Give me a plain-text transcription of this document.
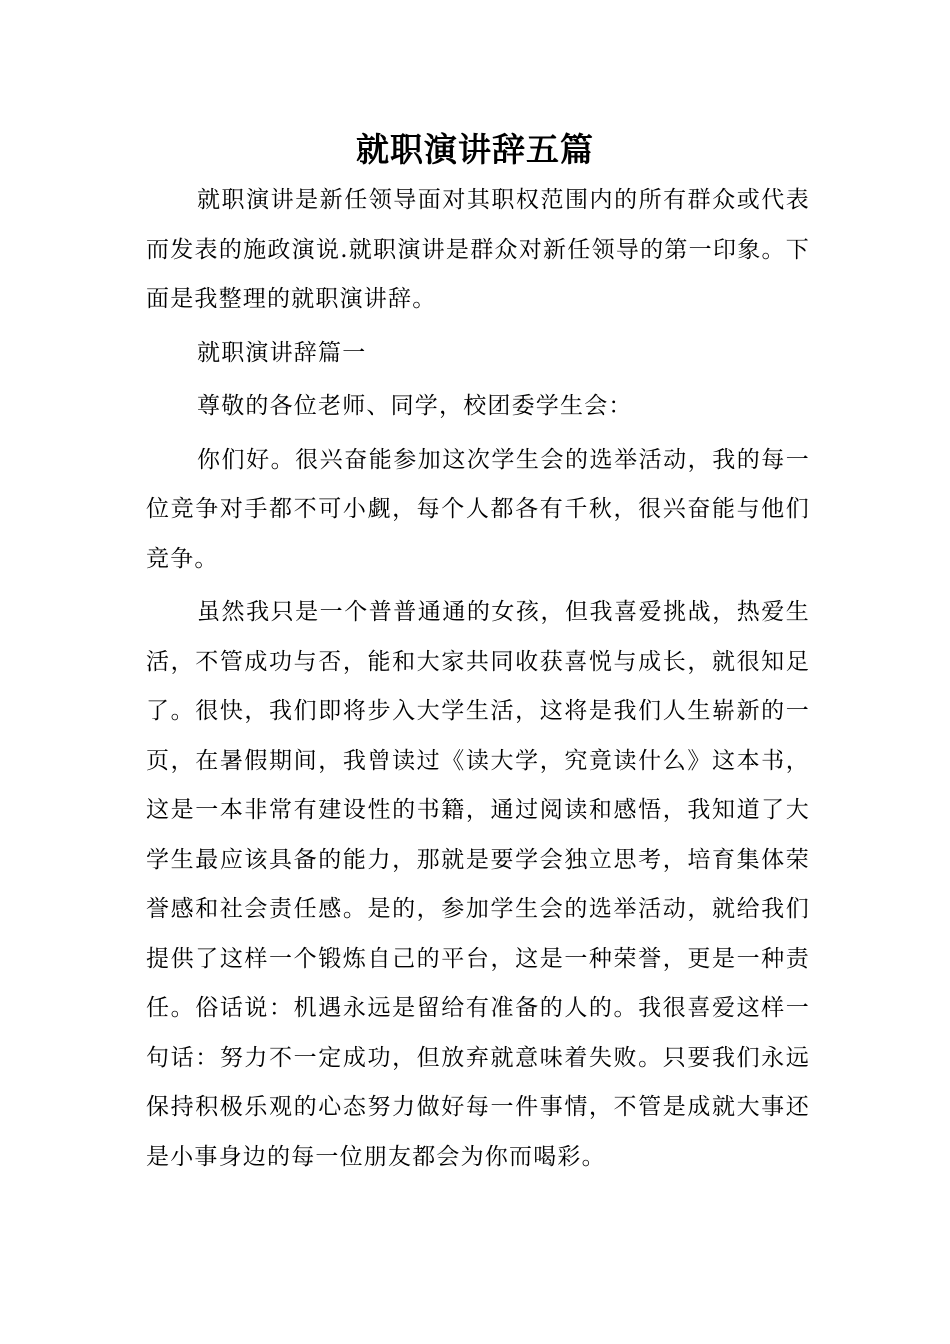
就职演讲辞五篇

就职演讲是新任领导面对其职权范围内的所有群众或代表而发表的施政演说.就职演讲是群众对新任领导的第一印象。下面是我整理的就职演讲辞。

就职演讲辞篇一

尊敬的各位老师、同学，校团委学生会：

你们好。很兴奋能参加这次学生会的选举活动，我的每一位竞争对手都不可小觑，每个人都各有千秋，很兴奋能与他们竞争。

虽然我只是一个普普通通的女孩，但我喜爱挑战，热爱生活，不管成功与否，能和大家共同收获喜悦与成长，就很知足了。很快，我们即将步入大学生活，这将是我们人生崭新的一页，在暑假期间，我曾读过《读大学，究竟读什么》这本书，这是一本非常有建设性的书籍，通过阅读和感悟，我知道了大学生最应该具备的能力，那就是要学会独立思考，培育集体荣誉感和社会责任感。是的，参加学生会的选举活动，就给我们提供了这样一个锻炼自己的平台，这是一种荣誉，更是一种责任。俗话说：机遇永远是留给有准备的人的。我很喜爱这样一句话：努力不一定成功，但放弃就意味着失败。只要我们永远保持积极乐观的心态努力做好每一件事情，不管是成就大事还是小事身边的每一位朋友都会为你而喝彩。
